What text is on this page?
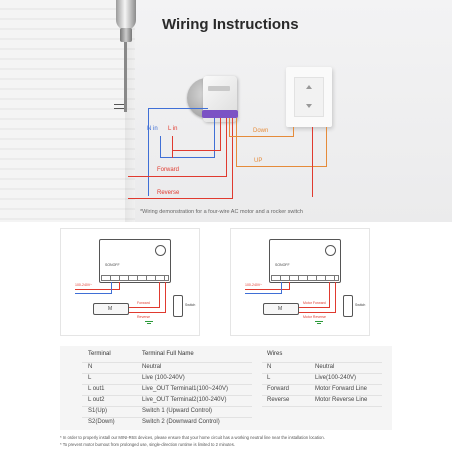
Wiring Instructions
N in L in	Down
UP
Forward
Reverse
*Wiring demonstration for a four-wire AC motor and a rocker switch
SONOFF
100-240V~
M
Forward
Reverse
Switch
SONOFF
100-240V~
M
Motor Forward
Motor Reverse
Switch
Terminal	Terminal Full Name	Wires
N	Neutral
L	Live (100-240V)
L out1	Live_OUT Terminal1(100~240V)
L out2	Live_OUT Terminal2(100-240V)
S1(Up)	Switch 1 (Upward Control)
S2(Down)	Switch 2 (Downward Control)
N	Neutral
L	Live(100-240V)
Forward	Motor Forward Line
Reverse	Motor Reverse Line
* In order to properly install our MINI-R6S devices, please ensure that your home circuit has a working neutral line near the installation location.
* To prevent motor burnout from prolonged use, single-direction runtime is limited to 2 minutes.
